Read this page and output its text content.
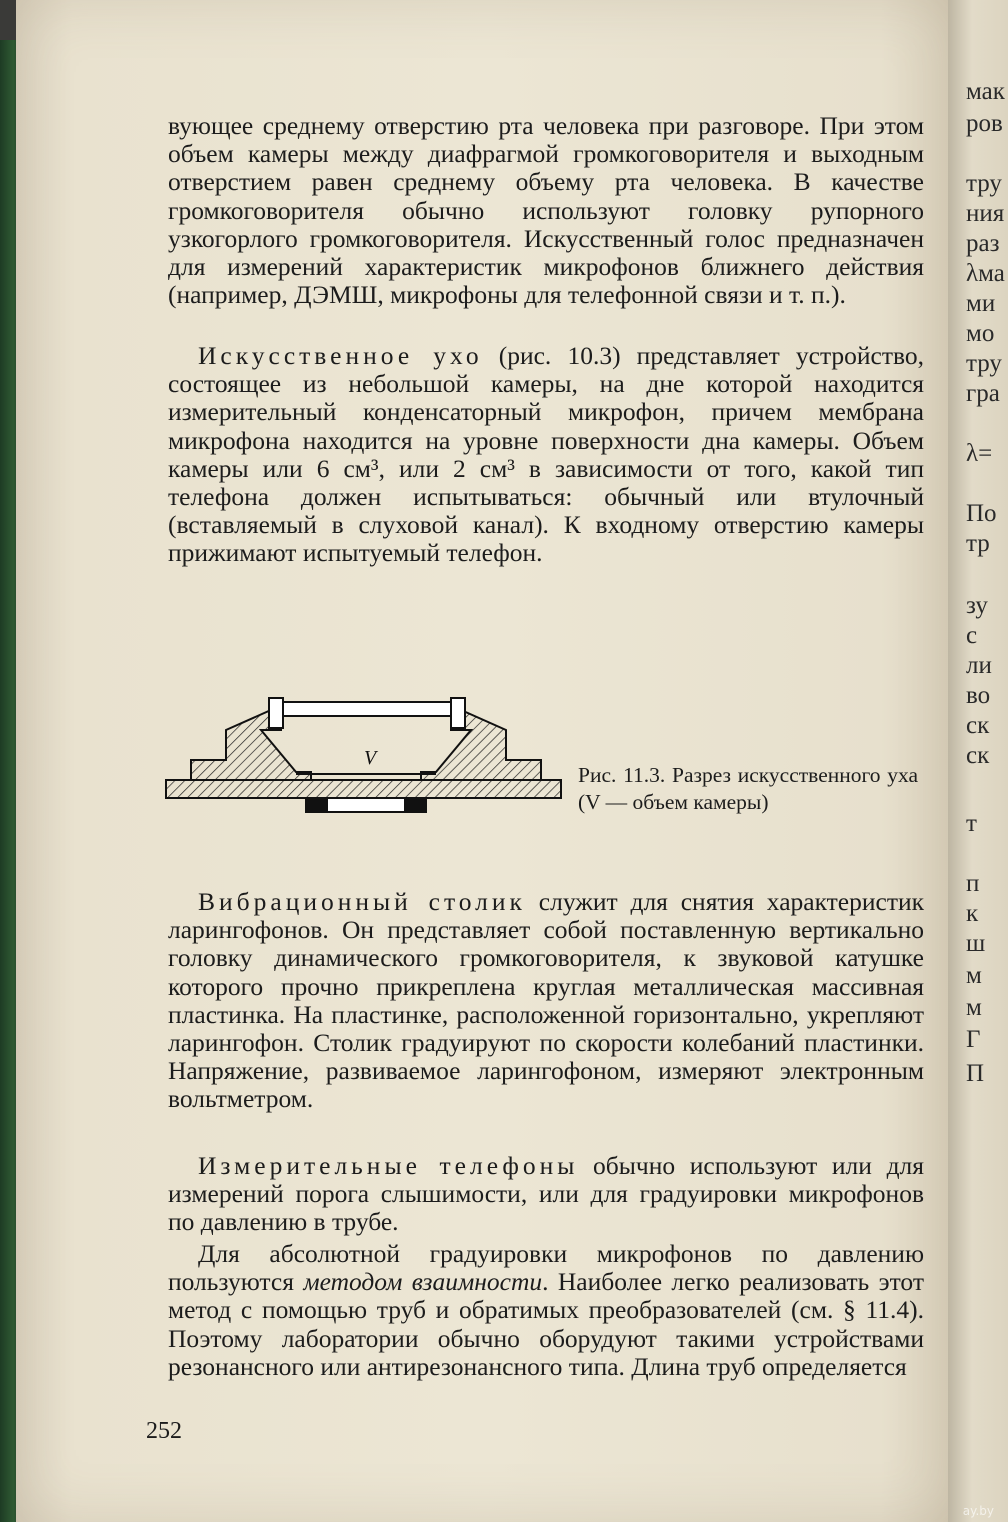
вующее среднему отверстию рта человека при разговоре. При этом объем камеры между диафрагмой громкоговорителя и выходным отверстием равен среднему объему рта человека. В качестве громкоговорителя обычно используют головку рупорного узкогорлого громкоговорителя. Искусственный голос предназначен для измерений характеристик микрофонов ближнего действия (например, ДЭМШ, микрофоны для телефонной связи и т. п.).

Искусственное ухо (рис. 10.3) представляет устройство, состоящее из небольшой камеры, на дне которой находится измерительный конденсаторный микрофон, причем мембрана микрофона находится на уровне поверхности дна камеры. Объем камеры или 6 см³, или 2 см³ в зависимости от того, какой тип телефона должен испытываться: обычный или втулочный (вставляемый в слуховой канал). К входному отверстию камеры прижимают испытуемый телефон.

V
Рис. 11.3. Разрез искусственного уха (V — объем камеры)

Вибрационный столик служит для снятия характеристик ларингофонов. Он представляет собой поставленную вертикально головку динамического громкоговорителя, к звуковой катушке которого прочно прикреплена круглая металлическая массивная пластинка. На пластинке, расположенной горизонтально, укрепляют ларингофон. Столик градуируют по скорости колебаний пластинки. Напряжение, развиваемое ларингофоном, измеряют электронным вольтметром.

Измерительные телефоны обычно используют или для измерений порога слышимости, или для градуировки микрофонов по давлению в трубе.

Для абсолютной градуировки микрофонов по давлению пользуются методом взаимности. Наиболее легко реализовать этот метод с помощью труб и обратимых преобразователей (см. § 11.4). Поэтому лаборатории обычно оборудуют такими устройствами резонансного или антирезонансного типа. Длина труб определяется

252
мак
ров
тру
ния
раз
λма
ми
мо
тру
гра
λ=
По
тр
зу
с
ли
во
ск
ск
т
п
к
ш
м
м
Г
П
ay.by
